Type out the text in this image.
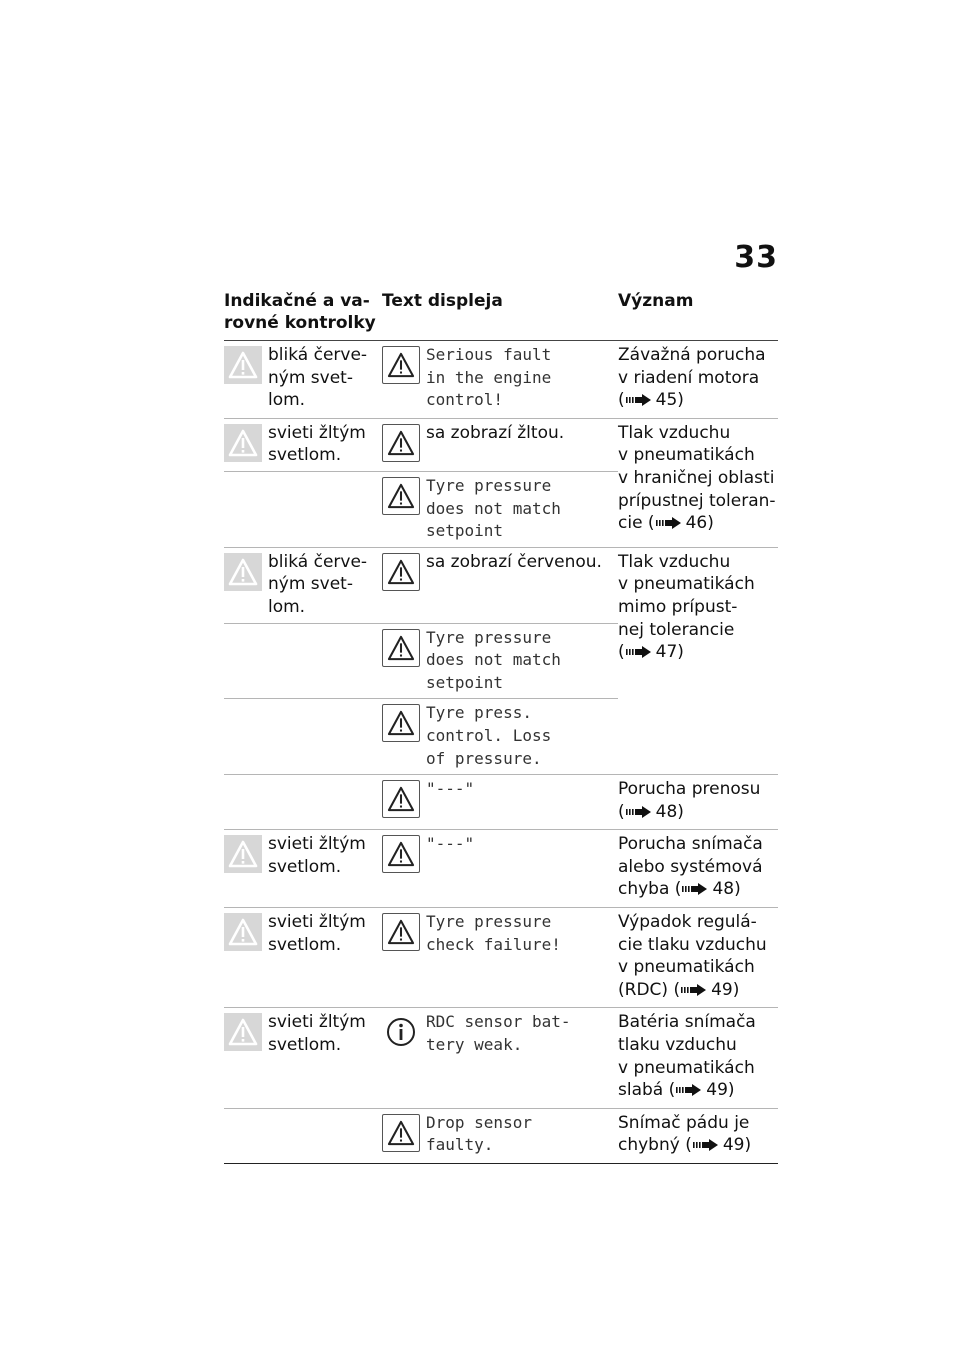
33
Indikačné a va-
rovné kontrolky	Text displeja	Význam

bliká červe-
ným svet-
lom.	Serious fault
in the engine
control!	Závažná porucha
v riadení motora
( 45)

svieti žltým
svetlom.	sa zobrazí žltou.	Tlak vzduchu
v pneumatikách
v hraničnej oblasti
prípustnej toleran-
cie ( 46)

	Tyre pressure
does not match
setpoint	

bliká červe-
ným svet-
lom.	sa zobrazí červenou.	Tlak vzduchu
v pneumatikách
mimo prípust-
nej tolerancie
( 47)

	Tyre pressure
does not match
setpoint	

	Tyre press.
control. Loss
of pressure.	

	"---"	Porucha prenosu
( 48)

svieti žltým
svetlom.	"---"	Porucha snímača
alebo systémová
chyba ( 48)

svieti žltým
svetlom.	Tyre pressure
check failure!	Výpadok regulá-
cie tlaku vzduchu
v pneumatikách
(RDC) ( 49)

svieti žltým
svetlom.	RDC sensor bat-
tery weak.	Batéria snímača
tlaku vzduchu
v pneumatikách
slabá ( 49)

	Drop sensor
faulty.	Snímač pádu je
chybný ( 49)
